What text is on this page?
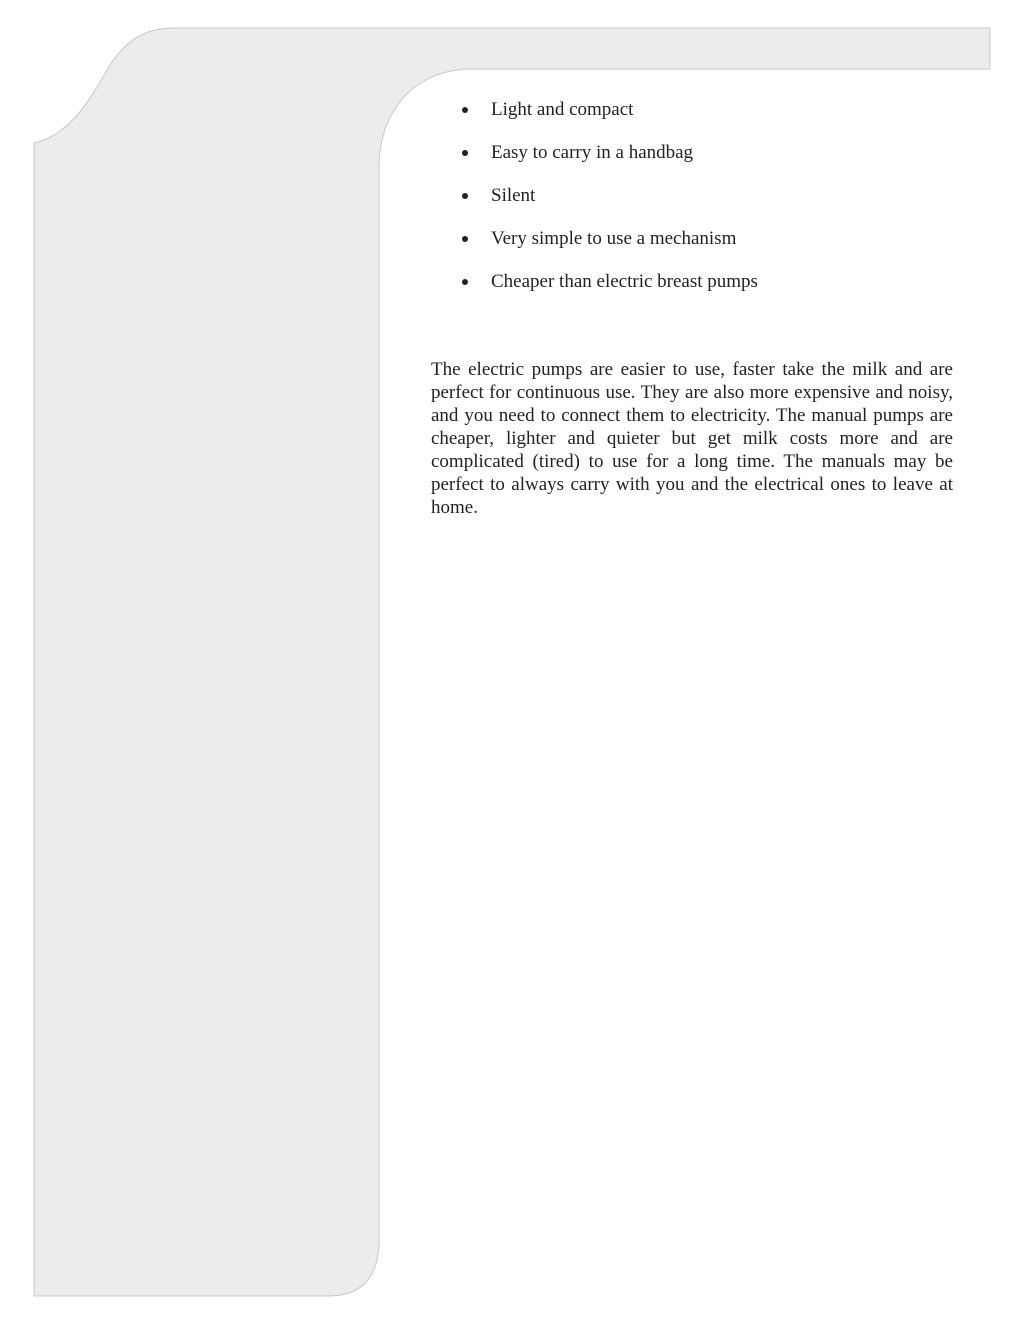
Light and compact
Easy to carry in a handbag
Silent
Very simple to use a mechanism
Cheaper than electric breast pumps

The electric pumps are easier to use, faster take the milk and are perfect for continuous use. They are also more expensive and noisy, and you need to connect them to electricity. The manual pumps are cheaper, lighter and quieter but get milk costs more and are complicated (tired) to use for a long time. The manuals may be perfect to always carry with you and the electrical ones to leave at home.
